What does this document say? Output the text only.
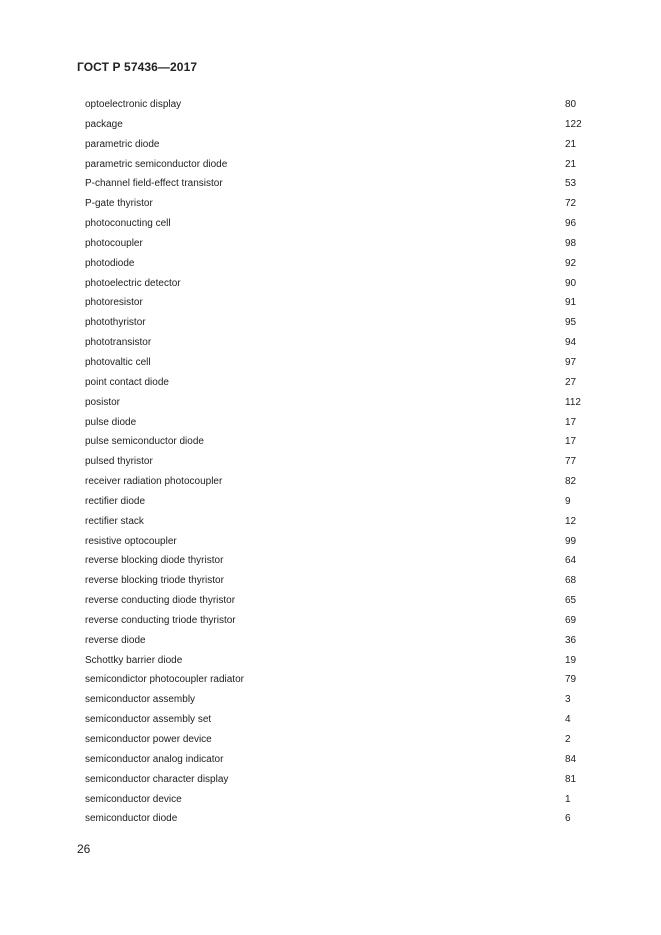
ГОСТ Р 57436—2017
optoelectronic display	80
package	122
parametric diode	21
parametric semiconductor diode	21
P-channel field-effect transistor	53
P-gate thyristor	72
photoconucting cell	96
photocoupler	98
photodiode	92
photoelectric detector	90
photoresistor	91
photothyristor	95
phototransistor	94
photovaltic cell	97
point contact diode	27
posistor	112
pulse diode	17
pulse semiconductor diode	17
pulsed thyristor	77
receiver radiation photocoupler	82
rectifier diode	9
rectifier stack	12
resistive optocoupler	99
reverse blocking diode thyristor	64
reverse blocking triode thyristor	68
reverse conducting diode thyristor	65
reverse conducting triode thyristor	69
reverse diode	36
Schottky barrier diode	19
semicondictor photocoupler radiator	79
semiconductor assembly	3
semiconductor assembly set	4
semiconductor power device	2
semiconductor analog indicator	84
semiconductor character display	81
semiconductor device	1
semiconductor diode	6
26
